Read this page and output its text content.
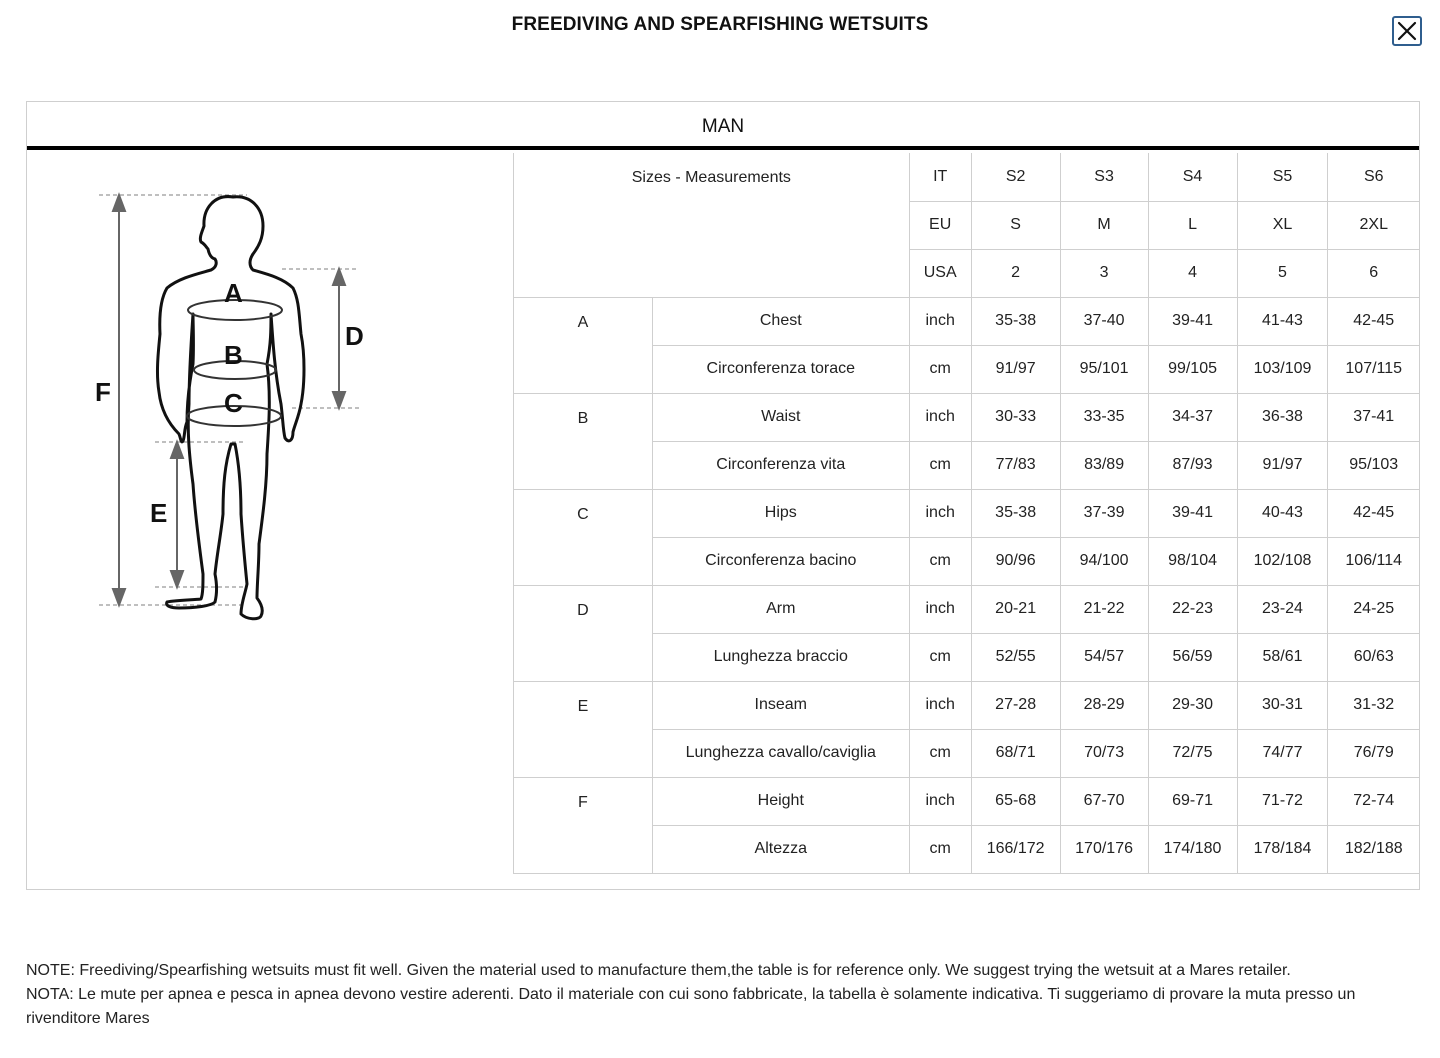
FREEDIVING AND SPEARFISHING WETSUITS
MAN
A
B
C
D
E
F
Sizes - Measurements		IT	S2	S3	S4	S5	S6
		EU	S	M	L	XL	2XL
		USA	2	3	4	5	6
A	Chest	inch	35-38	37-40	39-41	41-43	42-45
	Circonferenza torace	cm	91/97	95/101	99/105	103/109	107/115
B	Waist	inch	30-33	33-35	34-37	36-38	37-41
	Circonferenza vita	cm	77/83	83/89	87/93	91/97	95/103
C	Hips	inch	35-38	37-39	39-41	40-43	42-45
	Circonferenza bacino	cm	90/96	94/100	98/104	102/108	106/114
D	Arm	inch	20-21	21-22	22-23	23-24	24-25
	Lunghezza braccio	cm	52/55	54/57	56/59	58/61	60/63
E	Inseam	inch	27-28	28-29	29-30	30-31	31-32
	Lunghezza cavallo/caviglia	cm	68/71	70/73	72/75	74/77	76/79
F	Height	inch	65-68	67-70	69-71	71-72	72-74
	Altezza	cm	166/172	170/176	174/180	178/184	182/188

NOTE: Freediving/Spearfishing wetsuits must fit well. Given the material used to manufacture them,the table is for reference only. We suggest trying the wetsuit at a Mares retailer.

NOTA: Le mute per apnea e pesca in apnea devono vestire aderenti. Dato il materiale con cui sono fabbricate, la tabella è solamente indicativa. Ti suggeriamo di provare la muta presso un rivenditore Mares
